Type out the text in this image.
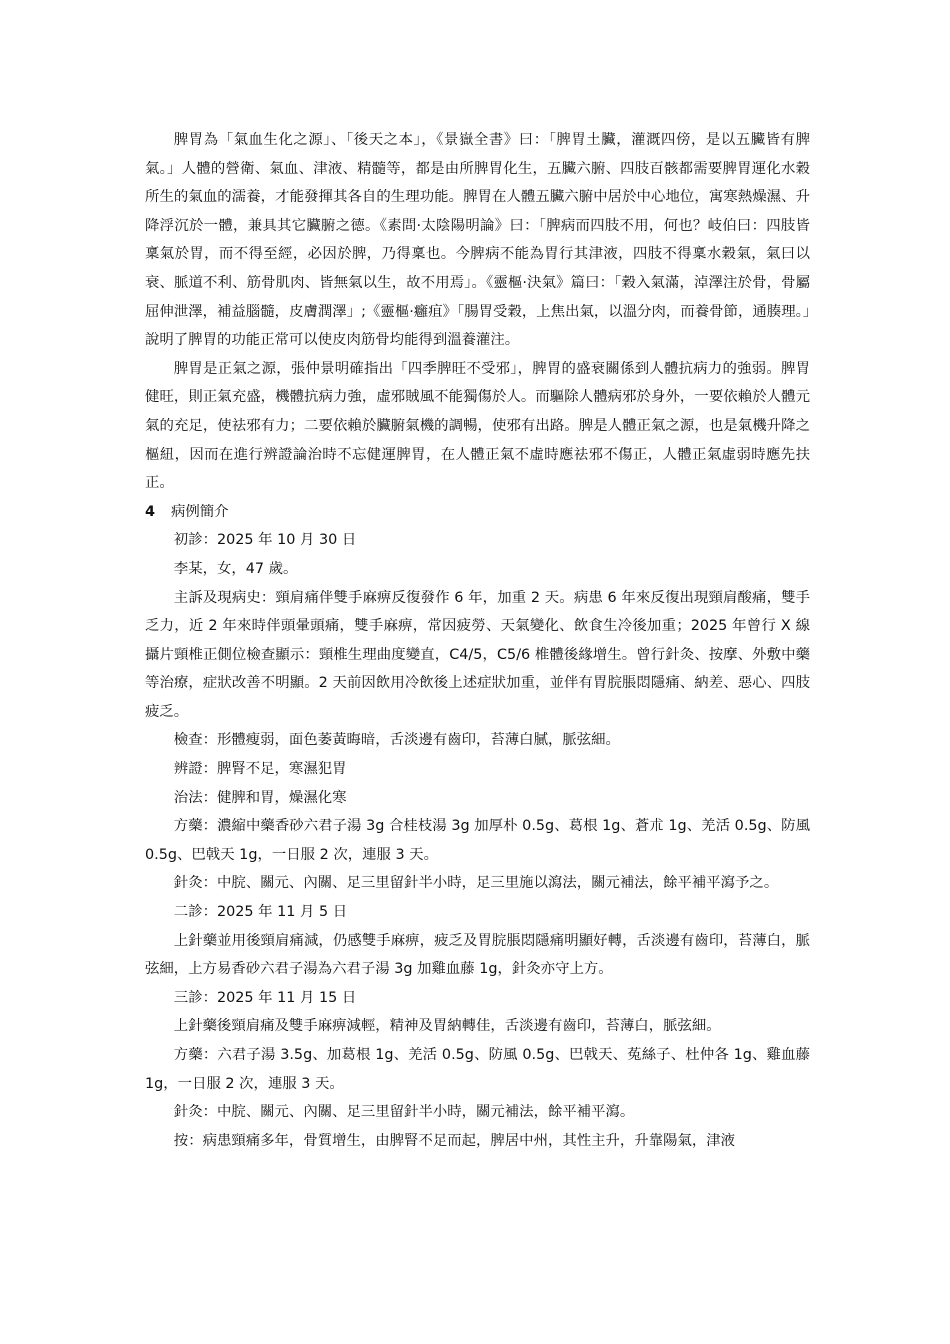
脾胃為「氣血生化之源」、「後天之本」，《景嶽全書》曰：「脾胃土臟，灌溉四傍，是以五臟皆有脾氣。」人體的營衛、氣血、津液、精髓等，都是由所脾胃化生，五臟六腑、四肢百骸都需要脾胃運化水穀所生的氣血的濡養，才能發揮其各自的生理功能。脾胃在人體五臟六腑中居於中心地位，寓寒熱燥濕、升降浮沉於一體，兼具其它臟腑之德。《素問·太陰陽明論》曰：「脾病而四肢不用，何也？岐伯曰：四肢皆稟氣於胃，而不得至經，必因於脾，乃得稟也。今脾病不能為胃行其津液，四肢不得稟水穀氣，氣曰以衰、脈道不利、筋骨肌肉、皆無氣以生，故不用焉」。《靈樞·決氣》篇曰：「穀入氣滿，淖澤注於骨，骨屬屈伸泄澤，補益腦髓，皮膚潤澤」;《靈樞·癰疽》「腸胃受穀，上焦出氣，以溫分肉，而養骨節，通腠理。」說明了脾胃的功能正常可以使皮肉筋骨均能得到溫養灌注。

脾胃是正氣之源，張仲景明確指出「四季脾旺不受邪」，脾胃的盛衰關係到人體抗病力的強弱。脾胃健旺，則正氣充盛，機體抗病力強，虛邪賊風不能獨傷於人。而驅除人體病邪於身外，一要依賴於人體元氣的充足，使祛邪有力；二要依賴於臟腑氣機的調暢，使邪有出路。脾是人體正氣之源，也是氣機升降之樞紐，因而在進行辨證論治時不忘健運脾胃，在人體正氣不虛時應祛邪不傷正，人體正氣虛弱時應先扶正。

4 病例簡介

初診：2025 年 10 月 30 日

李某，女，47 歲。

主訴及現病史：頸肩痛伴雙手麻痹反復發作 6 年，加重 2 天。病患 6 年來反復出現頸肩酸痛，雙手乏力，近 2 年來時伴頭暈頭痛，雙手麻痹，常因疲勞、天氣變化、飲食生冷後加重；2025 年曾行 X 線攝片頸椎正側位檢查顯示：頸椎生理曲度變直，C4/5，C5/6 椎體後緣增生。曾行針灸、按摩、外敷中藥等治療，症狀改善不明顯。2 天前因飲用冷飲後上述症狀加重，並伴有胃脘脹悶隱痛、納差、惡心、四肢疲乏。

檢查：形體瘦弱，面色萎黃晦暗，舌淡邊有齒印，苔薄白膩，脈弦細。

辨證：脾腎不足，寒濕犯胃

治法：健脾和胃，燥濕化寒

方藥：濃縮中藥香砂六君子湯 3g 合桂枝湯 3g 加厚朴 0.5g、葛根 1g、蒼朮 1g、羌活 0.5g、防風 0.5g、巴戟天 1g，一日服 2 次，連服 3 天。

針灸：中脘、關元、內關、足三里留針半小時，足三里施以瀉法，關元補法，餘平補平瀉予之。

二診：2025 年 11 月 5 日

上針藥並用後頸肩痛減，仍感雙手麻痹，疲乏及胃脘脹悶隱痛明顯好轉，舌淡邊有齒印，苔薄白，脈弦細，上方易香砂六君子湯為六君子湯 3g 加雞血藤 1g，針灸亦守上方。

三診：2025 年 11 月 15 日

上針藥後頸肩痛及雙手麻痹減輕，精神及胃納轉佳，舌淡邊有齒印，苔薄白，脈弦細。

方藥：六君子湯 3.5g、加葛根 1g、羌活 0.5g、防風 0.5g、巴戟天、菟絲子、杜仲各 1g、雞血藤 1g，一日服 2 次，連服 3 天。

針灸：中脘、關元、內關、足三里留針半小時，關元補法，餘平補平瀉。

按：病患頸痛多年，骨質增生，由脾腎不足而起，脾居中州，其性主升，升靠陽氣，津液
